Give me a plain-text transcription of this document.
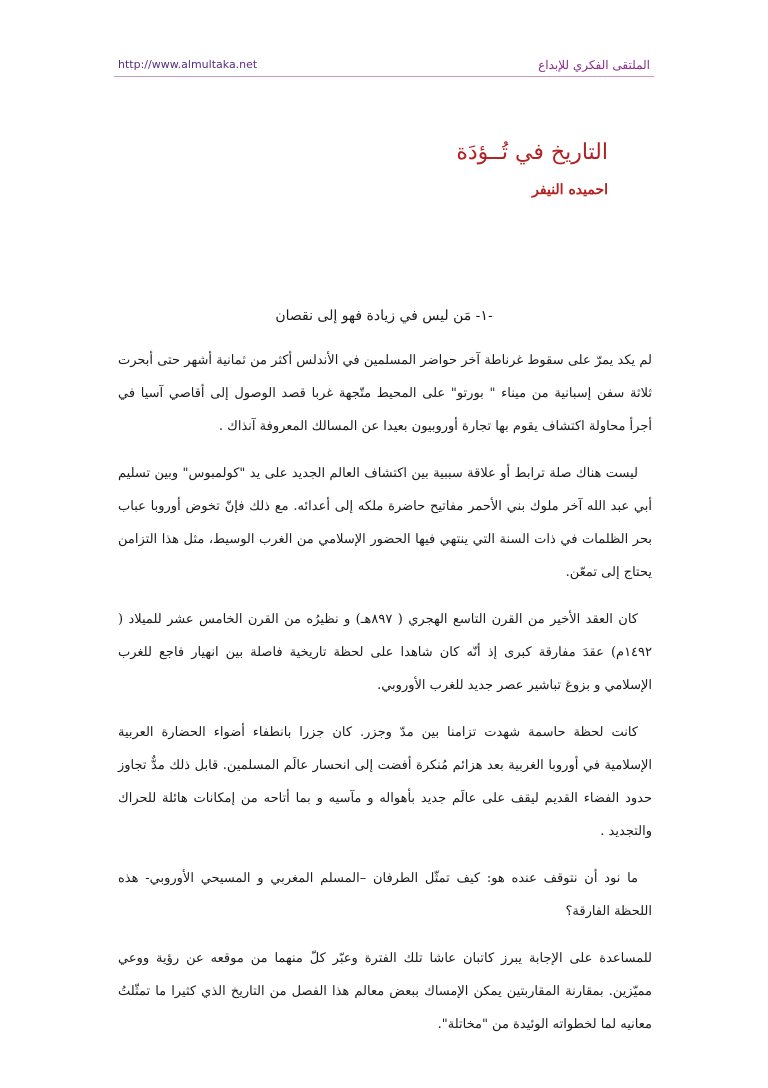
http://www.almultaka.net	الملتقى الفكري للإبداع
التاريخ في تُــؤدَة
احميده النيفر
-١- مَن ليس في زيادة فهو إلى نقصان

لم يكد يمرّ على سقوط غرناطة آخر حواضر المسلمين في الأندلس أكثر من ثمانية أشهر حتى أبحرت ثلاثة سفن إسبانية من ميناء " بورتو" على المحيط متّجهة غربا قصد الوصول إلى أقاصي آسيا في أجرأ محاولة اكتشاف يقوم بها تجارة أوروبيون بعيدا عن المسالك المعروفة آنذاك .

ليست هناك صلة ترابط أو علاقة سببية بين اكتشاف العالم الجديد على يد "كولمبوس" وبين تسليم أبي عبد الله آخر ملوك بني الأحمر مفاتيح حاضرة ملكه إلى أعدائه. مع ذلك فإنّ تخوض أوروبا عباب بحر الظلمات في ذات السنة التي ينتهي فيها الحضور الإسلامي من الغرب الوسيط، مثل هذا التزامن يحتاج إلى تمعّن.

كان العقد الأخير من القرن التاسع الهجري ( ٨٩٧هـ) و نظيرُه من القرن الخامس عشر للميلاد ( ١٤٩٢م) عقدَ مفارقة كبرى إذ أنّه كان شاهدا على لحظة تاريخية فاصلة بين انهيار فاجع للغرب الإسلامي و بزوغ تباشير عصر جديد للغرب الأوروبي.

كانت لحظة حاسمة شهدت تزامنا بين مدّ وجزر. كان جزرا بانطفاء أضواء الحضارة العربية الإسلامية في أوروبا الغربية بعد هزائم مُنكرة أفضت إلى انحسار عالَم المسلمين. قابل ذلك مدٌّ تجاوز حدود الفضاء القديم ليقف على عالَم جديد بأهواله و مآسيه و بما أتاحه من إمكانات هائلة للحراك والتجديد .

ما نود أن نتوقف عنده هو: كيف تمثّل الطرفان –المسلم المغربي و المسيحي الأوروبي- هذه اللحظة الفارقة؟

للمساعدة على الإجابة يبرز كاتبان عاشا تلك الفترة وعبّر كلّ منهما من موقعه عن رؤية ووعي مميّزين. بمقارنة المقاربتين يمكن الإمساك ببعض معالم هذا الفصل من التاريخ الذي كثيرا ما تمثّلتُ معانيه لما لخطواته الوئيدة من "مخاتلة".
